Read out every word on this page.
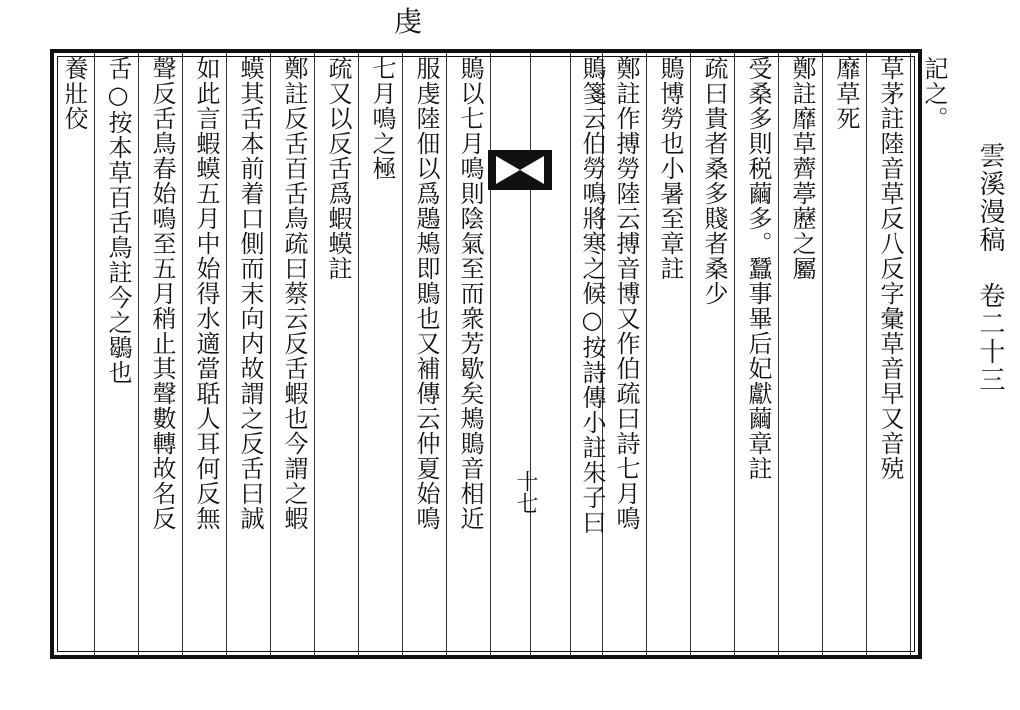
虔
雲溪漫稿　卷二十三
記之。
草茅註陸音草反八反字彙草音早又音殑
靡草死
鄭註靡草薺葶藶之屬
受桑多則税繭多。蠶事畢后妃獻繭章註
疏曰貴者桑多賤者桑少
鵙博勞也小暑至章註
鄭註作搏勞陸云搏音博又作伯疏曰詩七月鳴
鵙箋云伯勞鳴將寒之候○按詩傳小註朱子曰
鵙以七月鳴則陰氣至而衆芳歇矣鴂鵙音相近
服虔陸佃以爲鶗鴂即鵙也又補傳云仲夏始鳴
七月鳴之極
疏又以反舌爲蝦蟆註
鄭註反舌百舌鳥疏曰蔡云反舌蝦也今謂之蝦
蟆其舌本前着口側而末向内故謂之反舌曰誠
如此言蝦蟆五月中始得水適當聒人耳何反無
聲反舌鳥春始鳴至五月稍止其聲數轉故名反
舌○按本草百舌鳥註今之鶡也
養壯佼
十七
